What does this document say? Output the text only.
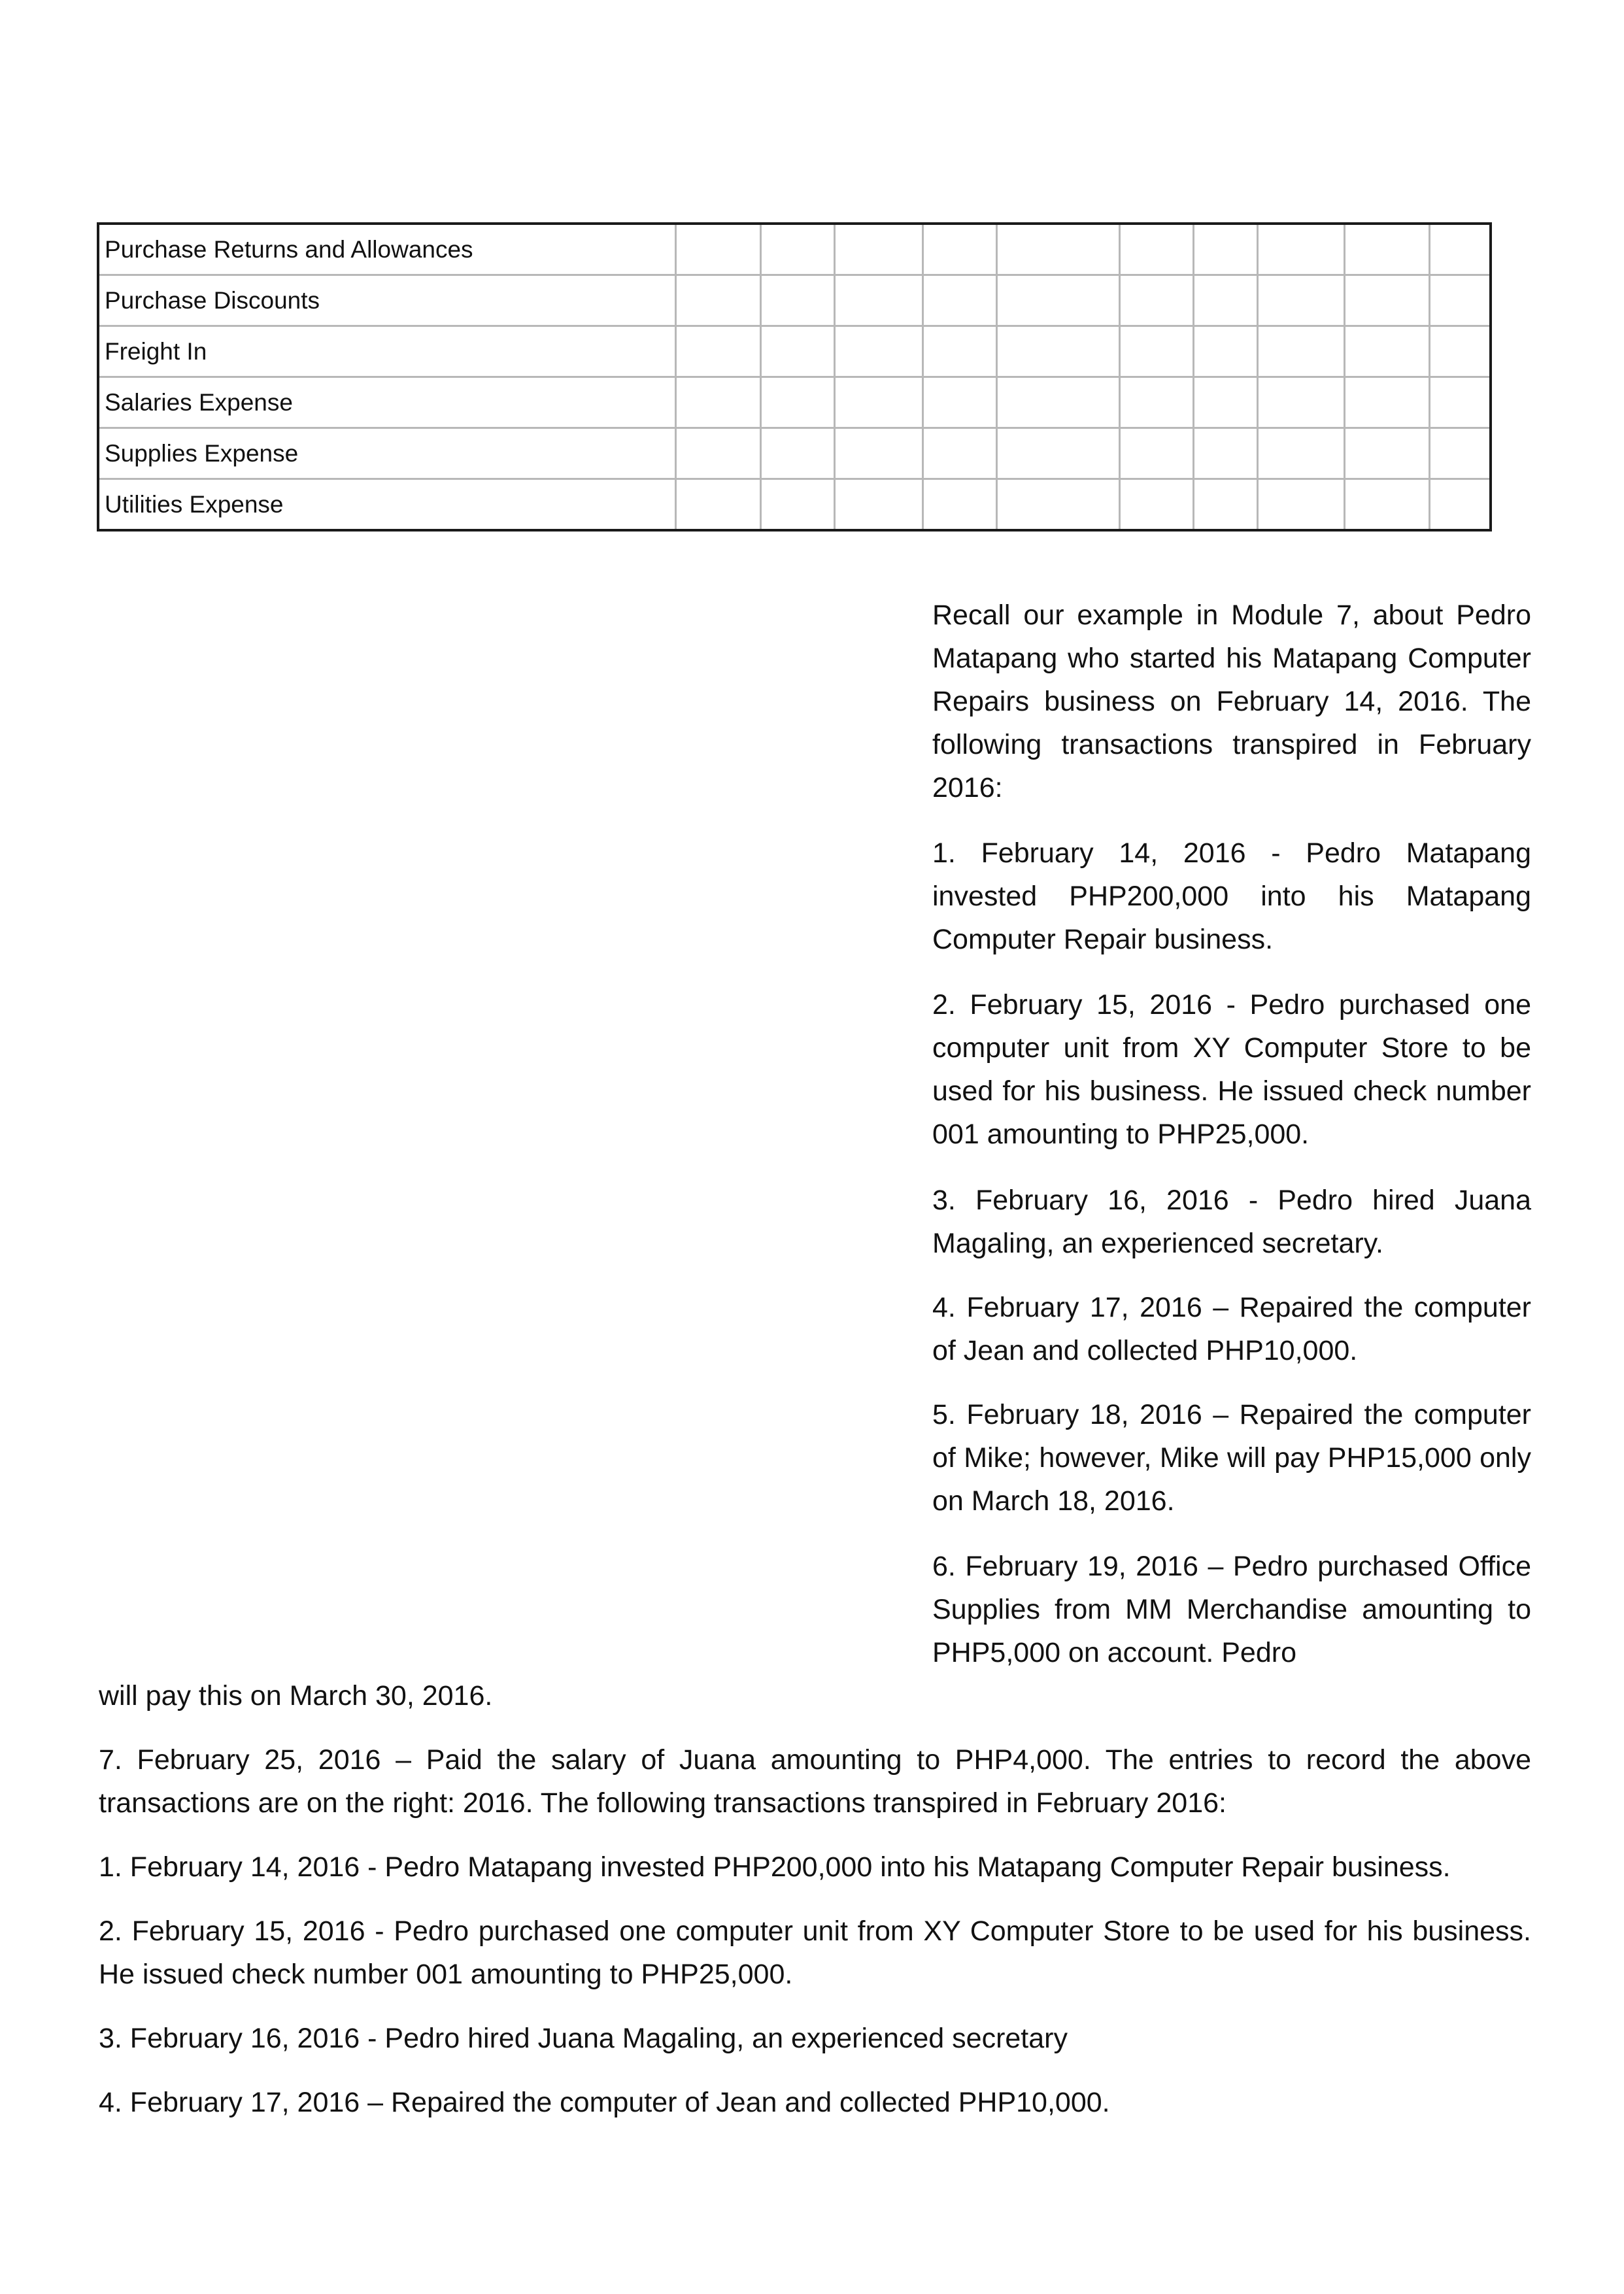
Purchase Returns and Allowances										
Purchase Discounts										
Freight In										
Salaries Expense										
Supplies Expense										
Utilities Expense										

Recall our example in Module 7, about Pedro Matapang who started his Matapang Computer Repairs business on February 14, 2016. The following transactions transpired in February 2016:

1. February 14, 2016 - Pedro Matapang invested PHP200,000 into his Matapang Computer Repair business.

2. February 15, 2016 - Pedro purchased one computer unit from XY Computer Store to be used for his business. He issued check number 001 amounting to PHP25,000.

3. February 16, 2016 - Pedro hired Juana Magaling, an experienced secretary.

4. February 17, 2016 – Repaired the computer of Jean and collected PHP10,000.

5. February 18, 2016 – Repaired the computer of Mike; however, Mike will pay PHP15,000 only on March 18, 2016.

6. February 19, 2016 – Pedro purchased Office Supplies from MM Merchandise amounting to PHP5,000 on account. Pedro

will pay this on March 30, 2016.

7. February 25, 2016 – Paid the salary of Juana amounting to PHP4,000. The entries to record the above transactions are on the right: 2016. The following transactions transpired in February 2016:

1. February 14, 2016 - Pedro Matapang invested PHP200,000 into his Matapang Computer Repair business.

2. February 15, 2016 - Pedro purchased one computer unit from XY Computer Store to be used for his business. He issued check number 001 amounting to PHP25,000.

3. February 16, 2016 - Pedro hired Juana Magaling, an experienced secretary

4. February 17, 2016 – Repaired the computer of Jean and collected PHP10,000.
